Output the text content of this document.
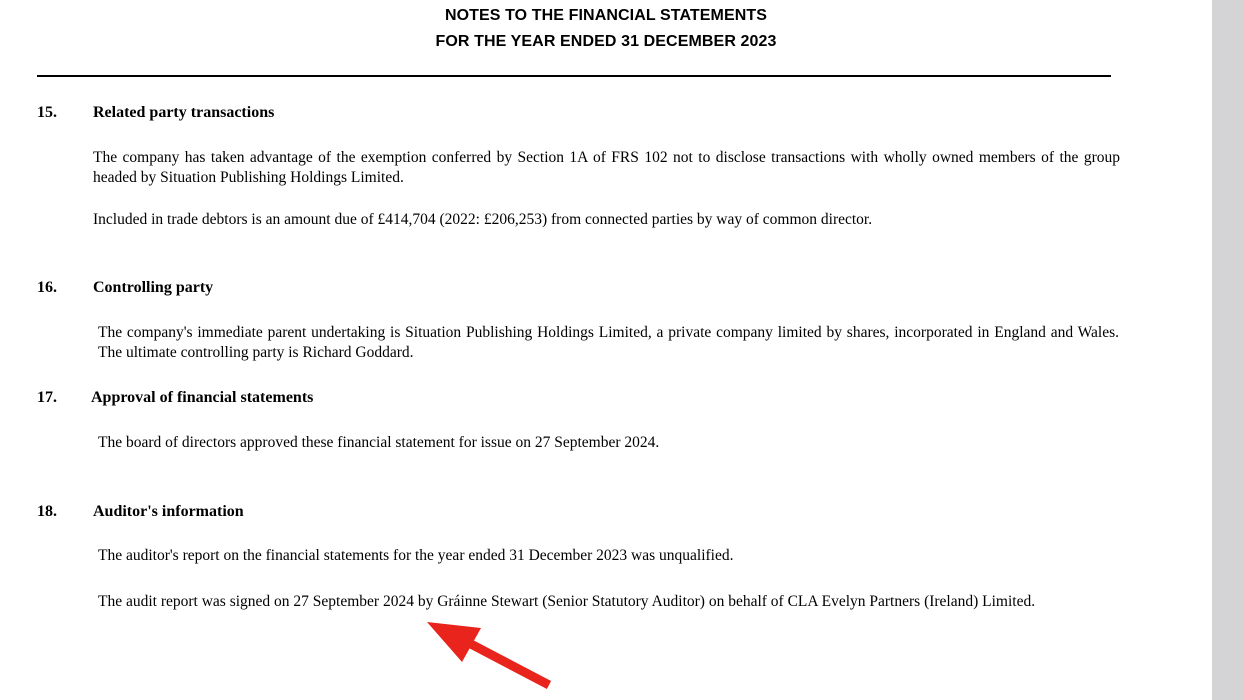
NOTES TO THE FINANCIAL STATEMENTS
FOR THE YEAR ENDED 31 DECEMBER 2023
15. Related party transactions

The company has taken advantage of the exemption conferred by Section 1A of FRS 102 not to disclose transactions with wholly owned members of the group headed by Situation Publishing Holdings Limited.

Included in trade debtors is an amount due of £414,704 (2022: £206,253) from connected parties by way of common director.

16. Controlling party

The company's immediate parent undertaking is Situation Publishing Holdings Limited, a private company limited by shares, incorporated in England and Wales. The ultimate controlling party is Richard Goddard.

17. Approval of financial statements

The board of directors approved these financial statement for issue on 27 September 2024.

18. Auditor's information

The auditor's report on the financial statements for the year ended 31 December 2023 was unqualified.

The audit report was signed on 27 September 2024 by Gráinne Stewart (Senior Statutory Auditor) on behalf of CLA Evelyn Partners (Ireland) Limited.
